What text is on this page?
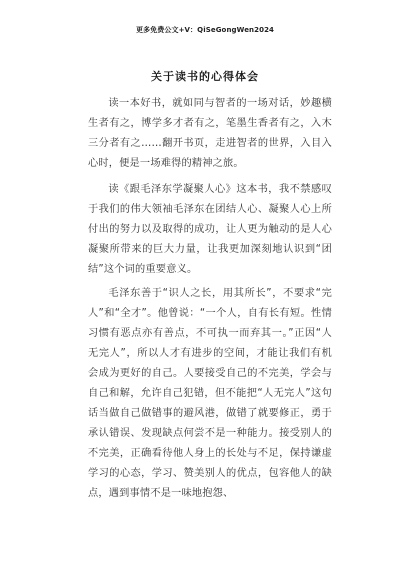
更多免费公文+V：QiSeGongWen2024
关于读书的心得体会

读一本好书，就如同与智者的一场对话，妙趣横生者有之，博学多才者有之，笔墨生香者有之，入木三分者有之……翻开书页，走进智者的世界，入目入心时，便是一场难得的精神之旅。

读《跟毛泽东学凝聚人心》这本书，我不禁感叹于我们的伟大领袖毛泽东在团结人心、凝聚人心上所付出的努力以及取得的成功，让人更为触动的是人心凝聚所带来的巨大力量，让我更加深刻地认识到“团结”这个词的重要意义。

毛泽东善于“识人之长，用其所长”，不要求“完人”和“全才”。他曾说：“一个人，自有长有短。性情习惯有恶点亦有善点，不可执一而弃其一。”正因“人无完人”，所以人才有进步的空间，才能让我们有机会成为更好的自己。人要接受自己的不完美，学会与自己和解，允许自己犯错，但不能把“人无完人”这句话当做自己做错事的避风港，做错了就要修正，勇于承认错误、发现缺点何尝不是一种能力。接受别人的不完美，正确看待他人身上的长处与不足，保持谦虚学习的心态，学习、赞美别人的优点，包容他人的缺点，遇到事情不是一味地抱怨、
